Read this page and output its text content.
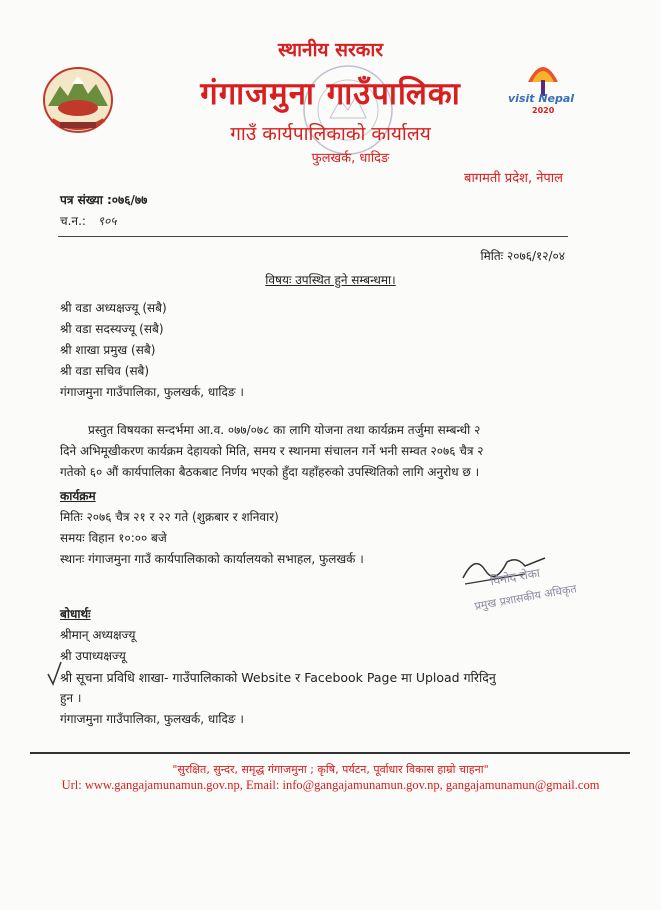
स्थानीय सरकार
गंगाजमुना गाउँपालिका
गाउँ कार्यपालिकाको कार्यालय
फुलखर्क, धादिङ
बागमती प्रदेश, नेपाल
visit Nepal
2020
पत्र संख्या :०७६/७७
च.न.: ९०५
मितिः २०७६/१२/०४
विषयः उपस्थित हुने सम्बन्धमा।
श्री वडा अध्यक्षज्यू (सबै)
श्री वडा सदस्यज्यू (सबै)
श्री शाखा प्रमुख (सबै)
श्री वडा सचिव (सबै)
गंगाजमुना गाउँपालिका, फुलखर्क, धादिङ ।
प्रस्तुत विषयका सन्दर्भमा आ.व. ०७७/०७८ का लागि योजना तथा कार्यक्रम तर्जुमा सम्बन्धी २
दिने अभिमूखीकरण कार्यक्रम देहायको मिति, समय र स्थानमा संचालन गर्ने भनी सम्वत २०७६ चैत्र २
गतेको ६० औं कार्यपालिका बैठकबाट निर्णय भएको हुँदा यहाँहरुको उपस्थितिको लागि अनुरोध छ ।
कार्यक्रम
मितिः २०७६ चैत्र २१ र २२ गते (शुक्रबार र शनिवार)
समयः विहान १०:०० बजे
स्थानः गंगाजमुना गाउँ कार्यपालिकाको कार्यालयको सभाहल, फुलखर्क ।
विनोद रोका
प्रमुख प्रशासकीय अधिकृत
बोधार्थः
श्रीमान् अध्यक्षज्यू
श्री उपाध्यक्षज्यू
श्री सूचना प्रविधि शाखा- गाउँपालिकाको Website र Facebook Page मा Upload गरिदिनु
हुन ।
गंगाजमुना गाउँपालिका, फुलखर्क, धादिङ ।
"सुरक्षित, सुन्दर, समृद्ध गंगाजमुना ; कृषि, पर्यटन, पूर्वाधार विकास हाम्रो चाहना"
Url: www.gangajamunamun.gov.np, Email: info@gangajamunamun.gov.np, gangajamunamun@gmail.com
